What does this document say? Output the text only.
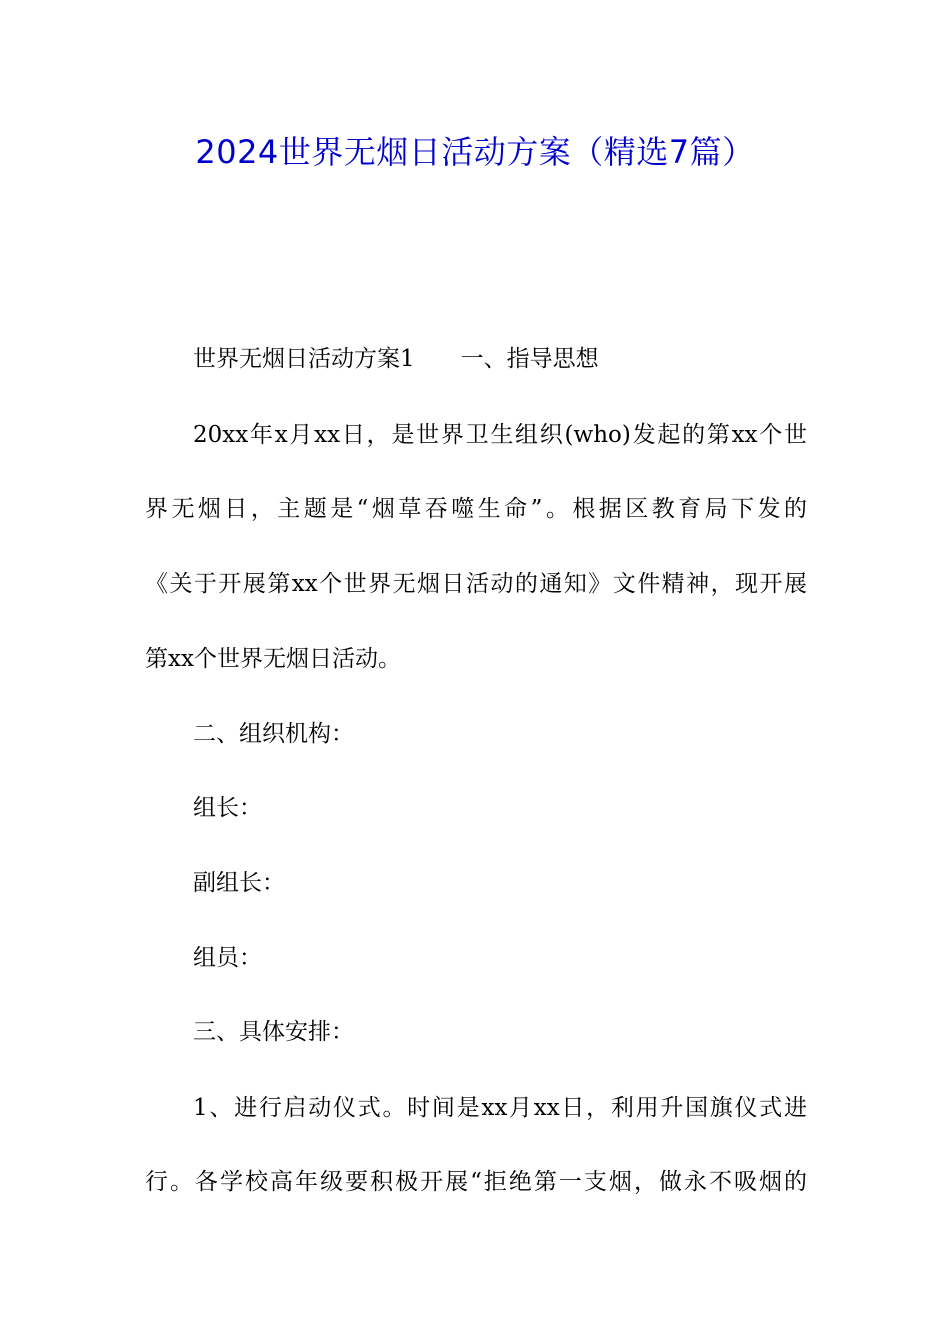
2024世界无烟日活动方案（精选7篇）
世界无烟日活动方案1 一、指导思想
20xx年x月xx日，是世界卫生组织(who)发起的第xx个世
界无烟日，主题是“烟草吞噬生命”。根据区教育局下发的
《关于开展第xx个世界无烟日活动的通知》文件精神，现开展
第xx个世界无烟日活动。
二、组织机构：
组长：
副组长：
组员：
三、具体安排：
1、进行启动仪式。时间是xx月xx日，利用升国旗仪式进
行。各学校高年级要积极开展“拒绝第一支烟，做永不吸烟的
